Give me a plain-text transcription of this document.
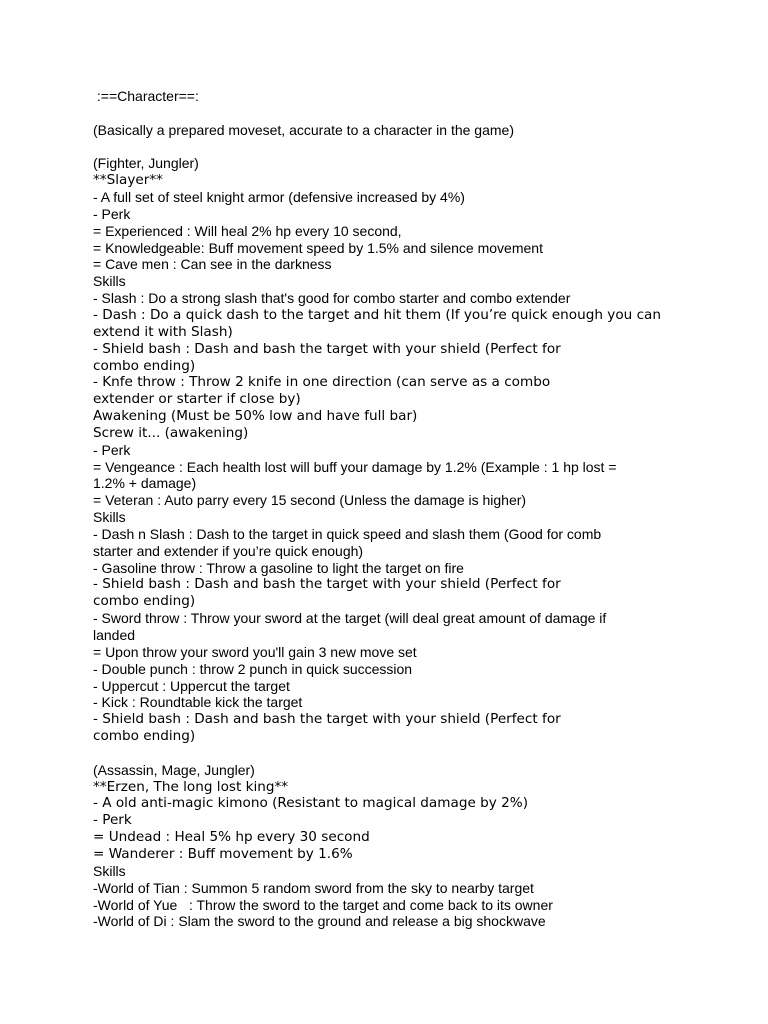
:==Character==:

(Basically a prepared moveset, accurate to a character in the game)

(Fighter, Jungler)

**Slayer**

- A full set of steel knight armor (defensive increased by 4%)

- Perk

= Experienced : Will heal 2% hp every 10 second,

= Knowledgeable: Buff movement speed by 1.5% and silence movement

= Cave men : Can see in the darkness

Skills

- Slash : Do a strong slash that's good for combo starter and combo extender

- Dash : Do a quick dash to the target and hit them (If you’re quick enough you can

extend it with Slash)

- Shield bash : Dash and bash the target with your shield (Perfect for

combo ending)

- Knfe throw : Throw 2 knife in one direction (can serve as a combo

extender or starter if close by)

Awakening (Must be 50% low and have full bar)

Screw it... (awakening)

- Perk

= Vengeance : Each health lost will buff your damage by 1.2% (Example : 1 hp lost =

1.2% + damage)

= Veteran : Auto parry every 15 second (Unless the damage is higher)

Skills

- Dash n Slash : Dash to the target in quick speed and slash them (Good for comb

starter and extender if you’re quick enough)

- Gasoline throw : Throw a gasoline to light the target on fire

- Shield bash : Dash and bash the target with your shield (Perfect for

combo ending)

- Sword throw : Throw your sword at the target (will deal great amount of damage if

landed

= Upon throw your sword you'll gain 3 new move set

- Double punch : throw 2 punch in quick succession

- Uppercut : Uppercut the target

- Kick : Roundtable kick the target

- Shield bash : Dash and bash the target with your shield (Perfect for

combo ending)

(Assassin, Mage, Jungler)

**Erzen, The long lost king**

- A old anti-magic kimono (Resistant to magical damage by 2%)

- Perk

= Undead : Heal 5% hp every 30 second

= Wanderer : Buff movement by 1.6%

Skills

-World of Tian : Summon 5 random sword from the sky to nearby target

-World of Yue   : Throw the sword to the target and come back to its owner

-World of Di : Slam the sword to the ground and release a big shockwave
